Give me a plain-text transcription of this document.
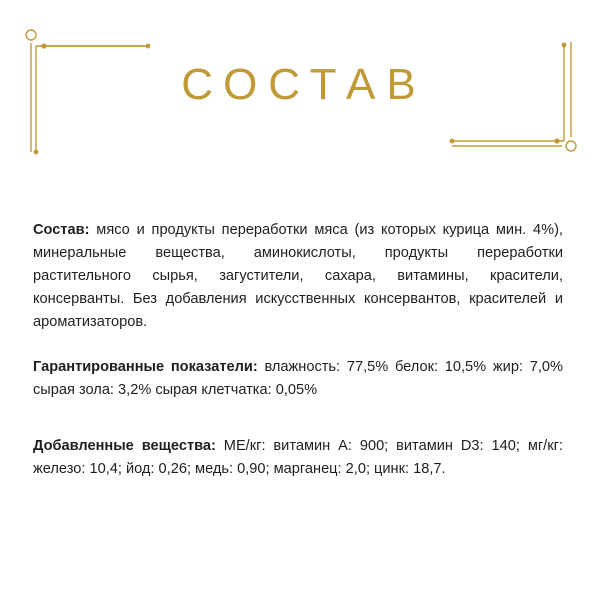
СОСТАВ

Состав: мясо и продукты переработки мяса (из которых курица мин. 4%), минеральные вещества, аминокислоты, продукты переработки растительного сырья, загустители, сахара, витамины, красители, консерванты. Без добавления искусственных консервантов, красителей и ароматизаторов.

Гарантированные показатели: влажность: 77,5% белок: 10,5% жир: 7,0% сырая зола: 3,2% сырая клетчатка: 0,05%

Добавленные вещества: МЕ/кг: витамин А: 900; витамин D3: 140; мг/кг: железо: 10,4; йод: 0,26; медь: 0,90; марганец: 2,0; цинк: 18,7.
